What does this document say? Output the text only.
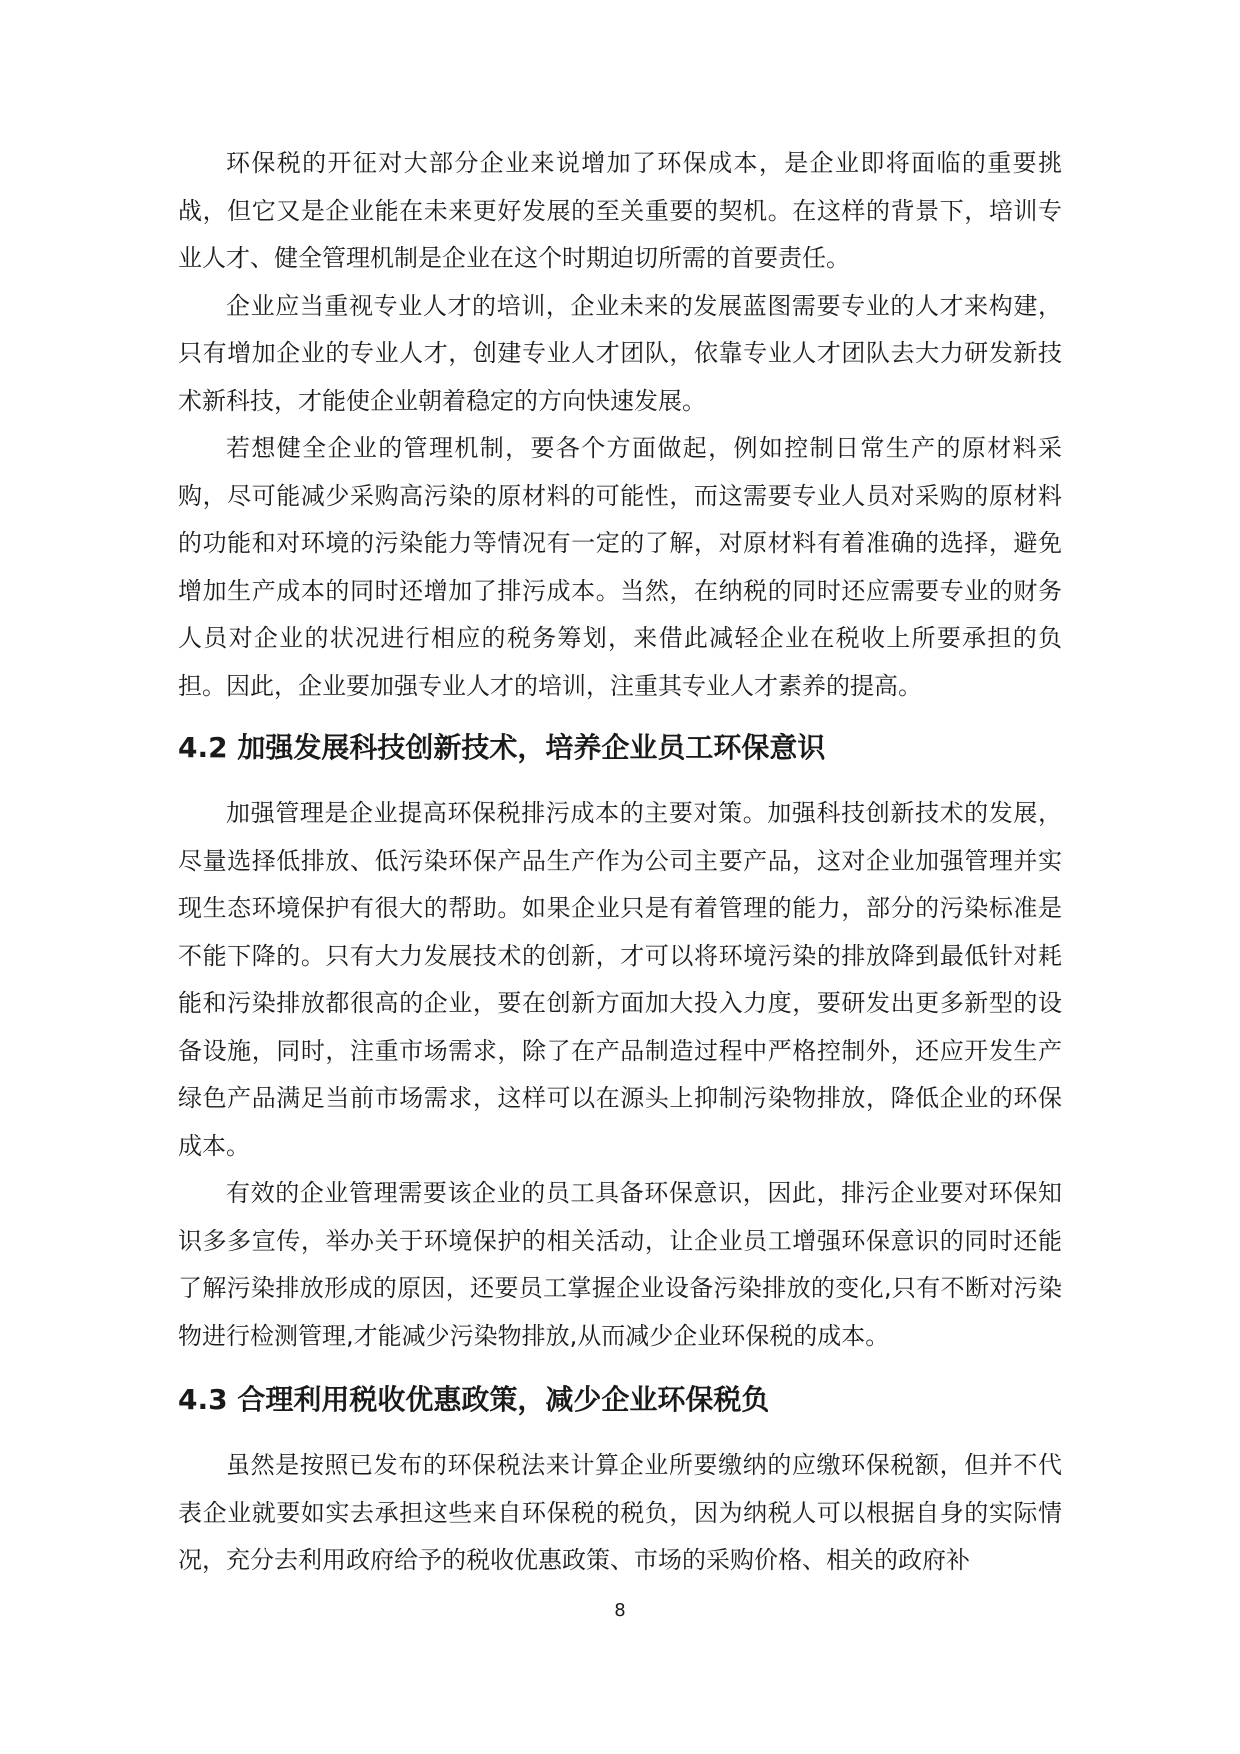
环保税的开征对大部分企业来说增加了环保成本，是企业即将面临的重要挑战，但它又是企业能在未来更好发展的至关重要的契机。在这样的背景下，培训专业人才、健全管理机制是企业在这个时期迫切所需的首要责任。

企业应当重视专业人才的培训，企业未来的发展蓝图需要专业的人才来构建，只有增加企业的专业人才，创建专业人才团队，依靠专业人才团队去大力研发新技术新科技，才能使企业朝着稳定的方向快速发展。

若想健全企业的管理机制，要各个方面做起，例如控制日常生产的原材料采购，尽可能减少采购高污染的原材料的可能性，而这需要专业人员对采购的原材料的功能和对环境的污染能力等情况有一定的了解，对原材料有着准确的选择，避免增加生产成本的同时还增加了排污成本。当然，在纳税的同时还应需要专业的财务人员对企业的状况进行相应的税务筹划，来借此减轻企业在税收上所要承担的负担。因此，企业要加强专业人才的培训，注重其专业人才素养的提高。

4.2 加强发展科技创新技术，培养企业员工环保意识

加强管理是企业提高环保税排污成本的主要对策。加强科技创新技术的发展，尽量选择低排放、低污染环保产品生产作为公司主要产品，这对企业加强管理并实现生态环境保护有很大的帮助。如果企业只是有着管理的能力，部分的污染标准是不能下降的。只有大力发展技术的创新，才可以将环境污染的排放降到最低针对耗能和污染排放都很高的企业，要在创新方面加大投入力度，要研发出更多新型的设备设施，同时，注重市场需求，除了在产品制造过程中严格控制外，还应开发生产绿色产品满足当前市场需求，这样可以在源头上抑制污染物排放，降低企业的环保成本。

有效的企业管理需要该企业的员工具备环保意识，因此，排污企业要对环保知识多多宣传，举办关于环境保护的相关活动，让企业员工增强环保意识的同时还能了解污染排放形成的原因，还要员工掌握企业设备污染排放的变化,只有不断对污染物进行检测管理,才能减少污染物排放,从而减少企业环保税的成本。

4.3 合理利用税收优惠政策，减少企业环保税负

虽然是按照已发布的环保税法来计算企业所要缴纳的应缴环保税额，但并不代表企业就要如实去承担这些来自环保税的税负，因为纳税人可以根据自身的实际情况，充分去利用政府给予的税收优惠政策、市场的采购价格、相关的政府补

8
